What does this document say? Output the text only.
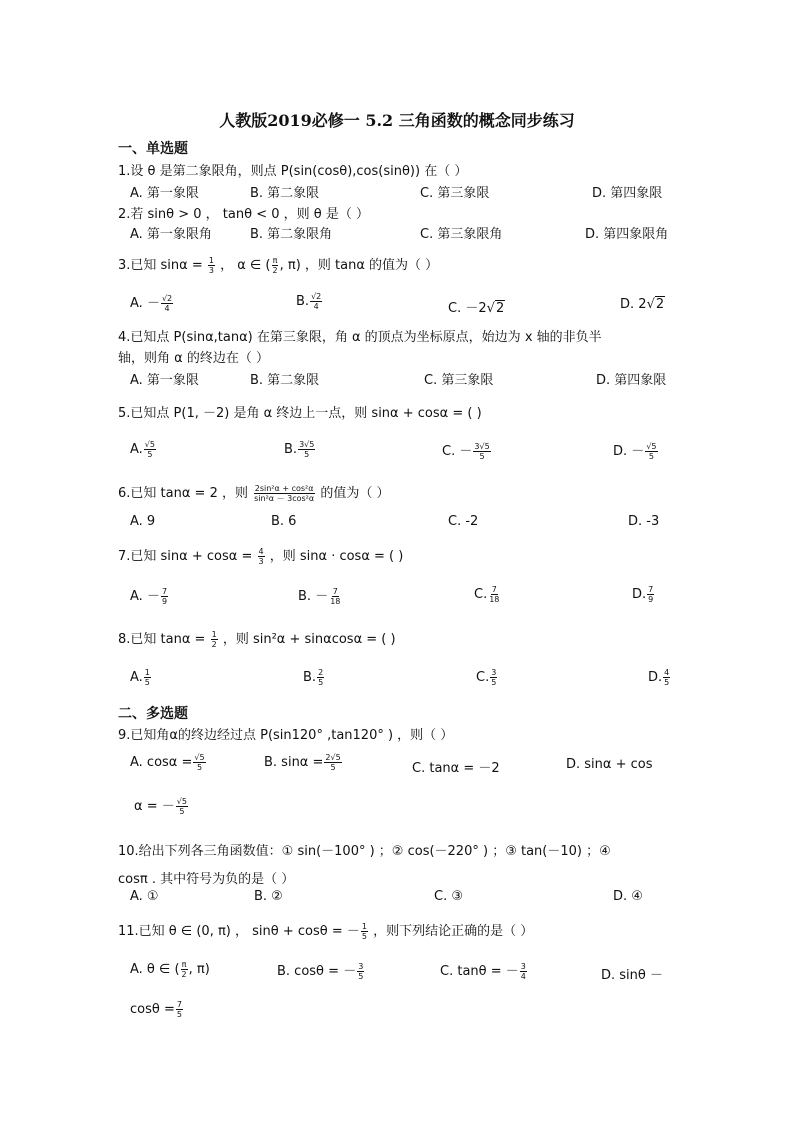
人教版2019必修一 5.2 三角函数的概念同步练习
一、单选题
1.设 θ 是第二象限角，则点 P(sin(cosθ),cos(sinθ)) 在（ ）
A. 第一象限	B. 第二象限	C. 第三象限	D. 第四象限
2.若 sinθ > 0 ， tanθ < 0 ，则 θ 是（ ）
A. 第一象限角	B. 第二象限角	C. 第三象限角	D. 第四象限角
3.已知 $\sin\alpha = \frac{1}{3}$ ， α ∈ ( $\frac{\pi}{2}$ , π) ，则 tanα 的值为（ ）
A. － $\frac{√2}{4}$	B. $\frac{√2}{4}$	C. －2√2	D. 2√2
4.已知点 P(sinα,tanα) 在第三象限，角 α 的顶点为坐标原点，始边为 x 轴的非负半
轴，则角 α 的终边在（ ）
A. 第一象限	B. 第二象限	C. 第三象限	D. 第四象限
5.已知点 P(1, －2) 是角 α 终边上一点，则 sinα + cosα = ( )
A. $\frac{√5}{5}$	B. $\frac{3√5}{5}$	C. － $\frac{3√5}{5}$	D. － $\frac{√5}{5}$
6.已知 tanα = 2 ，则 $\frac{\text{2sin²α + cos²α}}{\text{sin²α － 3cos²α}}$ 的值为（ ）
A. 9	B. 6	C. -2	D. -3
7.已知 $\sin\alpha + \cos\alpha = \frac{4}{3}$ ，则 sinα · cosα = ( )
A. － $\frac{7}{9}$	B. － $\frac{7}{18}$	C. $\frac{7}{18}$	D. $\frac{7}{9}$
8.已知 $\tan\alpha = \frac{1}{2}$ ，则 sin²α + sinαcosα = ( )
A. $\frac{1}{5}$	B. $\frac{2}{5}$	C. $\frac{3}{5}$	D. $\frac{4}{5}$
二、多选题
9.已知角α的终边经过点 P(sin120° ,tan120° ) ，则（ ）
A. $\cos\alpha = \frac{√5}{5}$	B. $\sin\alpha = \frac{2√5}{5}$	C. tanα = －2	D. sinα + cos
α = － $\frac{√5}{5}$
10.给出下列各三角函数值：① sin(－100° ) ；② cos(－220° ) ；③ tan(－10) ；④
cosπ . 其中符号为负的是（ ）
A. ①	B. ②	C. ③	D. ④
11.已知 θ ∈ (0, π) ， sinθ + cosθ = － $\frac{1}{5}$ ，则下列结论正确的是（ ）
A. θ ∈ ( $\frac{\pi}{2}$ , π)	B. cosθ = － $\frac{3}{5}$	C. tanθ = － $\frac{3}{4}$	D. sinθ －
$\cos\theta = \frac{7}{5}$
